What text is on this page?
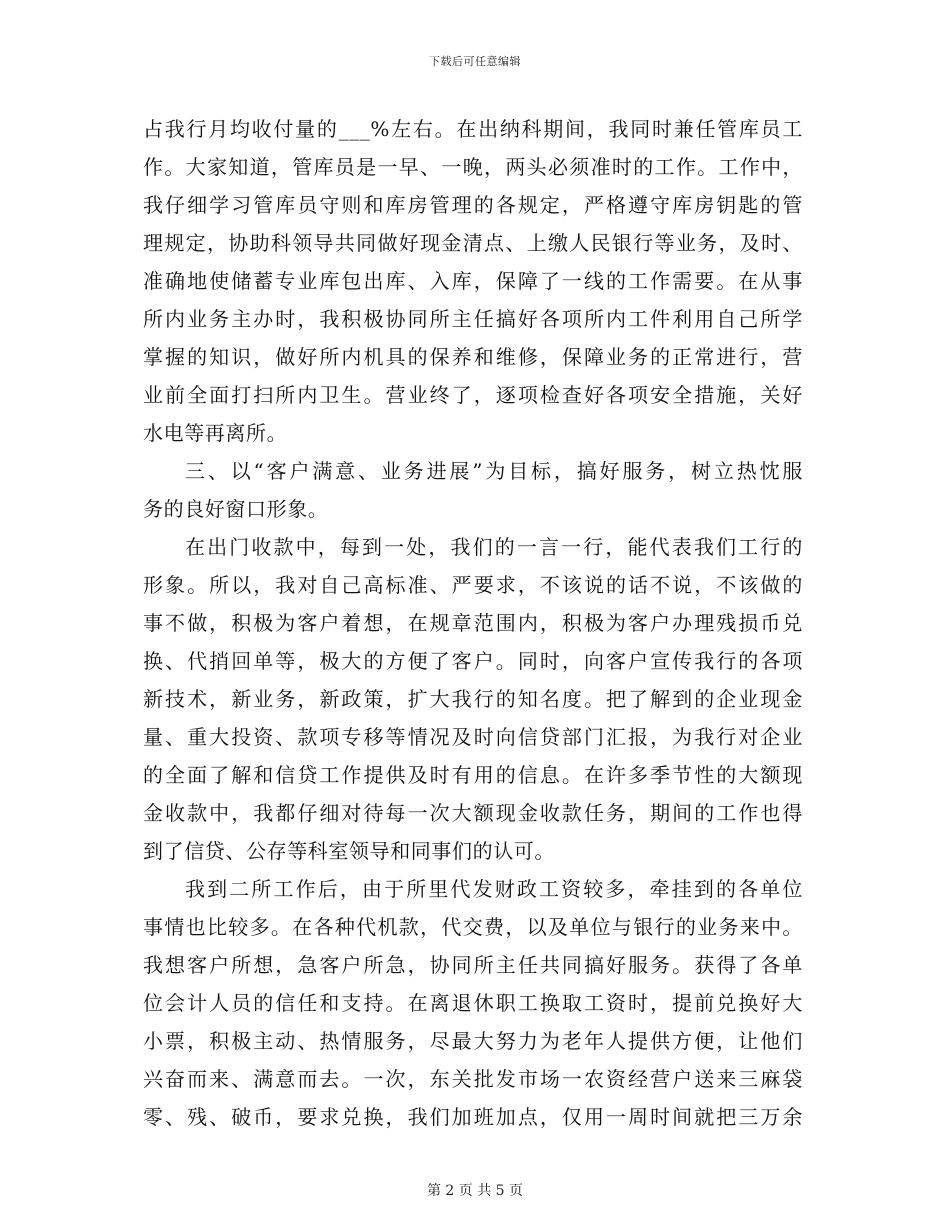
下载后可任意编辑
占我行月均收付量的___%左右。在出纳科期间，我同时兼任管库员工
作。大家知道，管库员是一早、一晚，两头必须准时的工作。工作中，
我仔细学习管库员守则和库房管理的各规定，严格遵守库房钥匙的管
理规定，协助科领导共同做好现金清点、上缴人民银行等业务，及时、
准确地使储蓄专业库包出库、入库，保障了一线的工作需要。在从事
所内业务主办时，我积极协同所主任搞好各项所内工件利用自己所学
掌握的知识，做好所内机具的保养和维修，保障业务的正常进行，营
业前全面打扫所内卫生。营业终了，逐项检查好各项安全措施，关好
水电等再离所。
三、以“客户满意、业务进展”为目标，搞好服务，树立热忱服
务的良好窗口形象。
在出门收款中，每到一处，我们的一言一行，能代表我们工行的
形象。所以，我对自己高标准、严要求，不该说的话不说，不该做的
事不做，积极为客户着想，在规章范围内，积极为客户办理残损币兑
换、代捎回单等，极大的方便了客户。同时，向客户宣传我行的各项
新技术，新业务，新政策，扩大我行的知名度。把了解到的企业现金
量、重大投资、款项专移等情况及时向信贷部门汇报，为我行对企业
的全面了解和信贷工作提供及时有用的信息。在许多季节性的大额现
金收款中，我都仔细对待每一次大额现金收款任务，期间的工作也得
到了信贷、公存等科室领导和同事们的认可。
我到二所工作后，由于所里代发财政工资较多，牵挂到的各单位
事情也比较多。在各种代机款，代交费，以及单位与银行的业务来中。
我想客户所想，急客户所急，协同所主任共同搞好服务。获得了各单
位会计人员的信任和支持。在离退休职工换取工资时，提前兑换好大
小票，积极主动、热情服务，尽最大努力为老年人提供方便，让他们
兴奋而来、满意而去。一次，东关批发市场一农资经营户送来三麻袋
零、残、破币，要求兑换，我们加班加点，仅用一周时间就把三万余
第 2 页 共 5 页
